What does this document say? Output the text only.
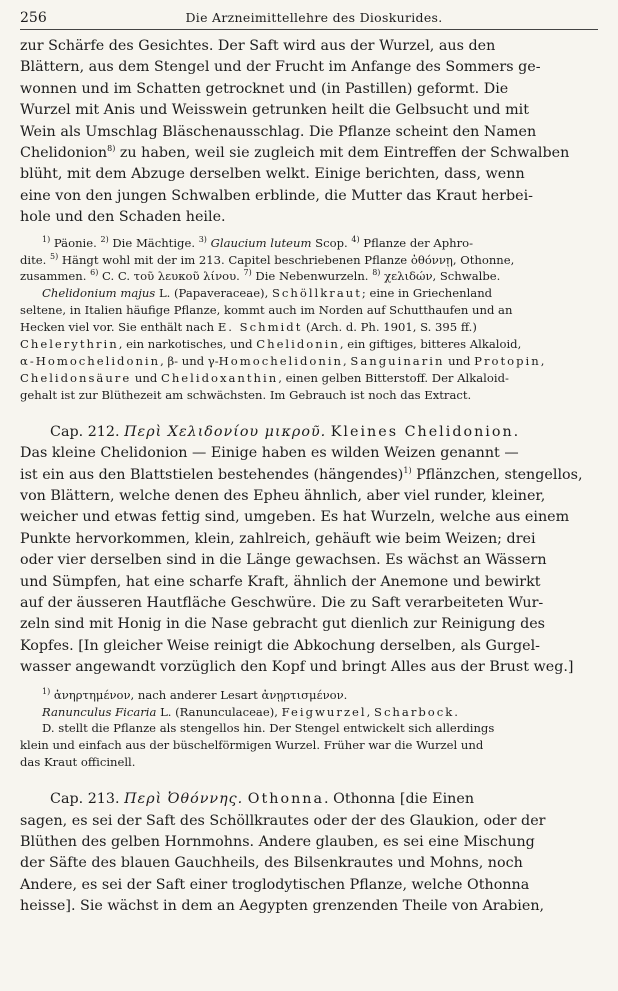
256	Die Arzneimittellehre des Dioskurides.

zur Schärfe des Gesichtes. Der Saft wird aus der Wurzel, aus den

Blättern, aus dem Stengel und der Frucht im Anfange des Sommers ge-

wonnen und im Schatten getrocknet und (in Pastillen) geformt. Die

Wurzel mit Anis und Weisswein getrunken heilt die Gelbsucht und mit

Wein als Umschlag Bläschenausschlag. Die Pflanze scheint den Namen

Chelidonion$^{8)}$ zu haben, weil sie zugleich mit dem Eintreffen der Schwalben

blüht, mit dem Abzuge derselben welkt. Einige berichten, dass, wenn

eine von den jungen Schwalben erblinde, die Mutter das Kraut herbei-

hole und den Schaden heile.

$^{1)}$ Päonie. $^{2)}$ Die Mächtige. $^{3)}$ Glaucium luteum Scop. $^{4)}$ Pflanze der Aphro-

dite. $^{5)}$ Hängt wohl mit der im 213. Capitel beschriebenen Pflanze ὀθόννῃ, Othonne,

zusammen. $^{6)}$ C. C. τοῦ λευκοῦ λίνου. $^{7)}$ Die Nebenwurzeln. $^{8)}$ χελιδών, Schwalbe.

Chelidonium majus L. (Papaveraceae), Schöllkraut; eine in Griechenland

seltene, in Italien häufige Pflanze, kommt auch im Norden auf Schutthaufen und an

Hecken viel vor. Sie enthält nach E. Schmidt (Arch. d. Ph. 1901, S. 395 ff.)

Chelerythrin, ein narkotisches, und Chelidonin, ein giftiges, bitteres Alkaloid,

α-Homochelidonin, β- und γ-Homochelidonin, Sanguinarin und Protopin,

Chelidonsäure und Chelidoxanthin, einen gelben Bitterstoff. Der Alkaloid-

gehalt ist zur Blüthezeit am schwächsten. Im Gebrauch ist noch das Extract.

Cap. 212. Περὶ Χελιδονίου μικροῦ. Kleines Chelidonion.

Das kleine Chelidonion — Einige haben es wilden Weizen genannt —

ist ein aus den Blattstielen bestehendes (hängendes)$^{1)}$ Pflänzchen, stengellos,

von Blättern, welche denen des Epheu ähnlich, aber viel runder, kleiner,

weicher und etwas fettig sind, umgeben. Es hat Wurzeln, welche aus einem

Punkte hervorkommen, klein, zahlreich, gehäuft wie beim Weizen; drei

oder vier derselben sind in die Länge gewachsen. Es wächst an Wässern

und Sümpfen, hat eine scharfe Kraft, ähnlich der Anemone und bewirkt

auf der äusseren Hautfläche Geschwüre. Die zu Saft verarbeiteten Wur-

zeln sind mit Honig in die Nase gebracht gut dienlich zur Reinigung des

Kopfes. [In gleicher Weise reinigt die Abkochung derselben, als Gurgel-

wasser angewandt vorzüglich den Kopf und bringt Alles aus der Brust weg.]

$^{1)}$ ἀνηρτημένον, nach anderer Lesart ἀνῃρτισμένον.

Ranunculus Ficaria L. (Ranunculaceae), Feigwurzel, Scharbock.

D. stellt die Pflanze als stengellos hin. Der Stengel entwickelt sich allerdings

klein und einfach aus der büschelförmigen Wurzel. Früher war die Wurzel und

das Kraut officinell.

Cap. 213. Περὶ Ὀθόννης. Othonna. Othonna [die Einen

sagen, es sei der Saft des Schöllkrautes oder der des Glaukion, oder der

Blüthen des gelben Hornmohns. Andere glauben, es sei eine Mischung

der Säfte des blauen Gauchheils, des Bilsenkrautes und Mohns, noch

Andere, es sei der Saft einer troglodytischen Pflanze, welche Othonna

heisse]. Sie wächst in dem an Aegypten grenzenden Theile von Arabien,
